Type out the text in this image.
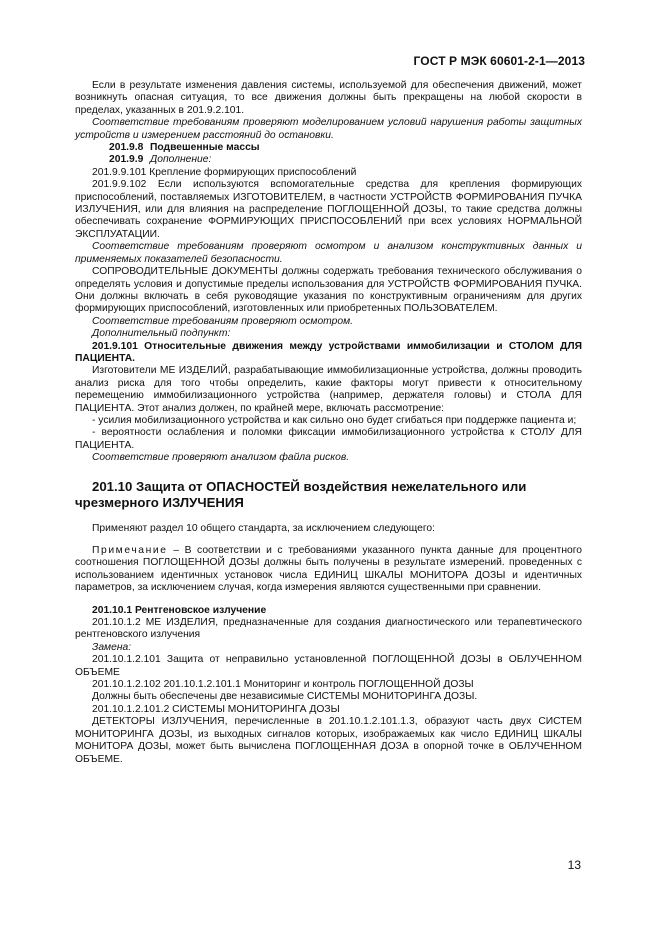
ГОСТ Р МЭК 60601-2-1—2013

Если в результате изменения давления системы, используемой для обеспечения движений, может возникнуть опасная ситуация, то все движения должны быть прекращены на любой скорости в пределах, указанных в 201.9.2.101.

Соответствие требованиям проверяют моделированием условий нарушения работы защитных устройств и измерением расстояний до остановки.

201.9.8 Подвешенные массы

201.9.9 Дополнение:

201.9.9.101 Крепление формирующих приспособлений

201.9.9.102 Если используются вспомогательные средства для крепления формирующих приспособлений, поставляемых ИЗГОТОВИТЕЛЕМ, в частности УСТРОЙСТВ ФОРМИРОВАНИЯ ПУЧКА ИЗЛУЧЕНИЯ, или для влияния на распределение ПОГЛОЩЕННОЙ ДОЗЫ, то такие средства должны обеспечивать сохранение ФОРМИРУЮЩИХ ПРИСПОСОБЛЕНИЙ при всех условиях НОРМАЛЬНОЙ ЭКСПЛУАТАЦИИ.

Соответствие требованиям проверяют осмотром и анализом конструктивных данных и применяемых показателей безопасности.

СОПРОВОДИТЕЛЬНЫЕ ДОКУМЕНТЫ должны содержать требования технического обслуживания о определять условия и допустимые пределы использования для УСТРОЙСТВ ФОРМИРОВАНИЯ ПУЧКА. Они должны включать в себя руководящие указания по конструктивным ограничениям для других формирующих приспособлений, изготовленных или приобретенных ПОЛЬЗОВАТЕЛЕМ.

Соответствие требованиям проверяют осмотром.

Дополнительный подпункт:

201.9.101 Относительные движения между устройствами иммобилизации и СТОЛОМ ДЛЯ ПАЦИЕНТА.

Изготовители МЕ ИЗДЕЛИЙ, разрабатывающие иммобилизационные устройства, должны проводить анализ риска для того чтобы определить, какие факторы могут привести к относительному перемещению иммобилизационного устройства (например, держателя головы) и СТОЛА ДЛЯ ПАЦИЕНТА. Этот анализ должен, по крайней мере, включать рассмотрение:

- усилия мобилизационного устройства и как сильно оно будет сгибаться при поддержке пациента и;

- вероятности ослабления и поломки фиксации иммобилизационного устройства к СТОЛУ ДЛЯ ПАЦИЕНТА.

Соответствие проверяют анализом файла рисков.

201.10 Защита от ОПАСНОСТЕЙ воздействия нежелательного или чрезмерного ИЗЛУЧЕНИЯ

Применяют раздел 10 общего стандарта, за исключением следующего:

Примечание – В соответствии и с требованиями указанного пункта данные для процентного соотношения ПОГЛОЩЕННОЙ ДОЗЫ должны быть получены в результате измерений. проведенных с использованием идентичных установок числа ЕДИНИЦ ШКАЛЫ МОНИТОРА ДОЗЫ и идентичных параметров, за исключением случая, когда измерения являются существенными при сравнении.

201.10.1 Рентгеновское излучение

201.10.1.2 МЕ ИЗДЕЛИЯ, предназначенные для создания диагностического или терапевтического рентгеновского излучения

Замена:

201.10.1.2.101 Защита от неправильно установленной ПОГЛОЩЕННОЙ ДОЗЫ в ОБЛУЧЕННОМ ОБЪЕМЕ

201.10.1.2.102 201.10.1.2.101.1 Мониторинг и контроль ПОГЛОЩЕННОЙ ДОЗЫ

Должны быть обеспечены две независимые СИСТЕМЫ МОНИТОРИНГА ДОЗЫ.

201.10.1.2.101.2 СИСТЕМЫ МОНИТОРИНГА ДОЗЫ

ДЕТЕКТОРЫ ИЗЛУЧЕНИЯ, перечисленные в 201.10.1.2.101.1.3, образуют часть двух СИСТЕМ МОНИТОРИНГА ДОЗЫ, из выходных сигналов которых, изображаемых как число ЕДИНИЦ ШКАЛЫ МОНИТОРА ДОЗЫ, может быть вычислена ПОГЛОЩЕННАЯ ДОЗА в опорной точке в ОБЛУЧЕННОМ ОБЪЕМЕ.

13
